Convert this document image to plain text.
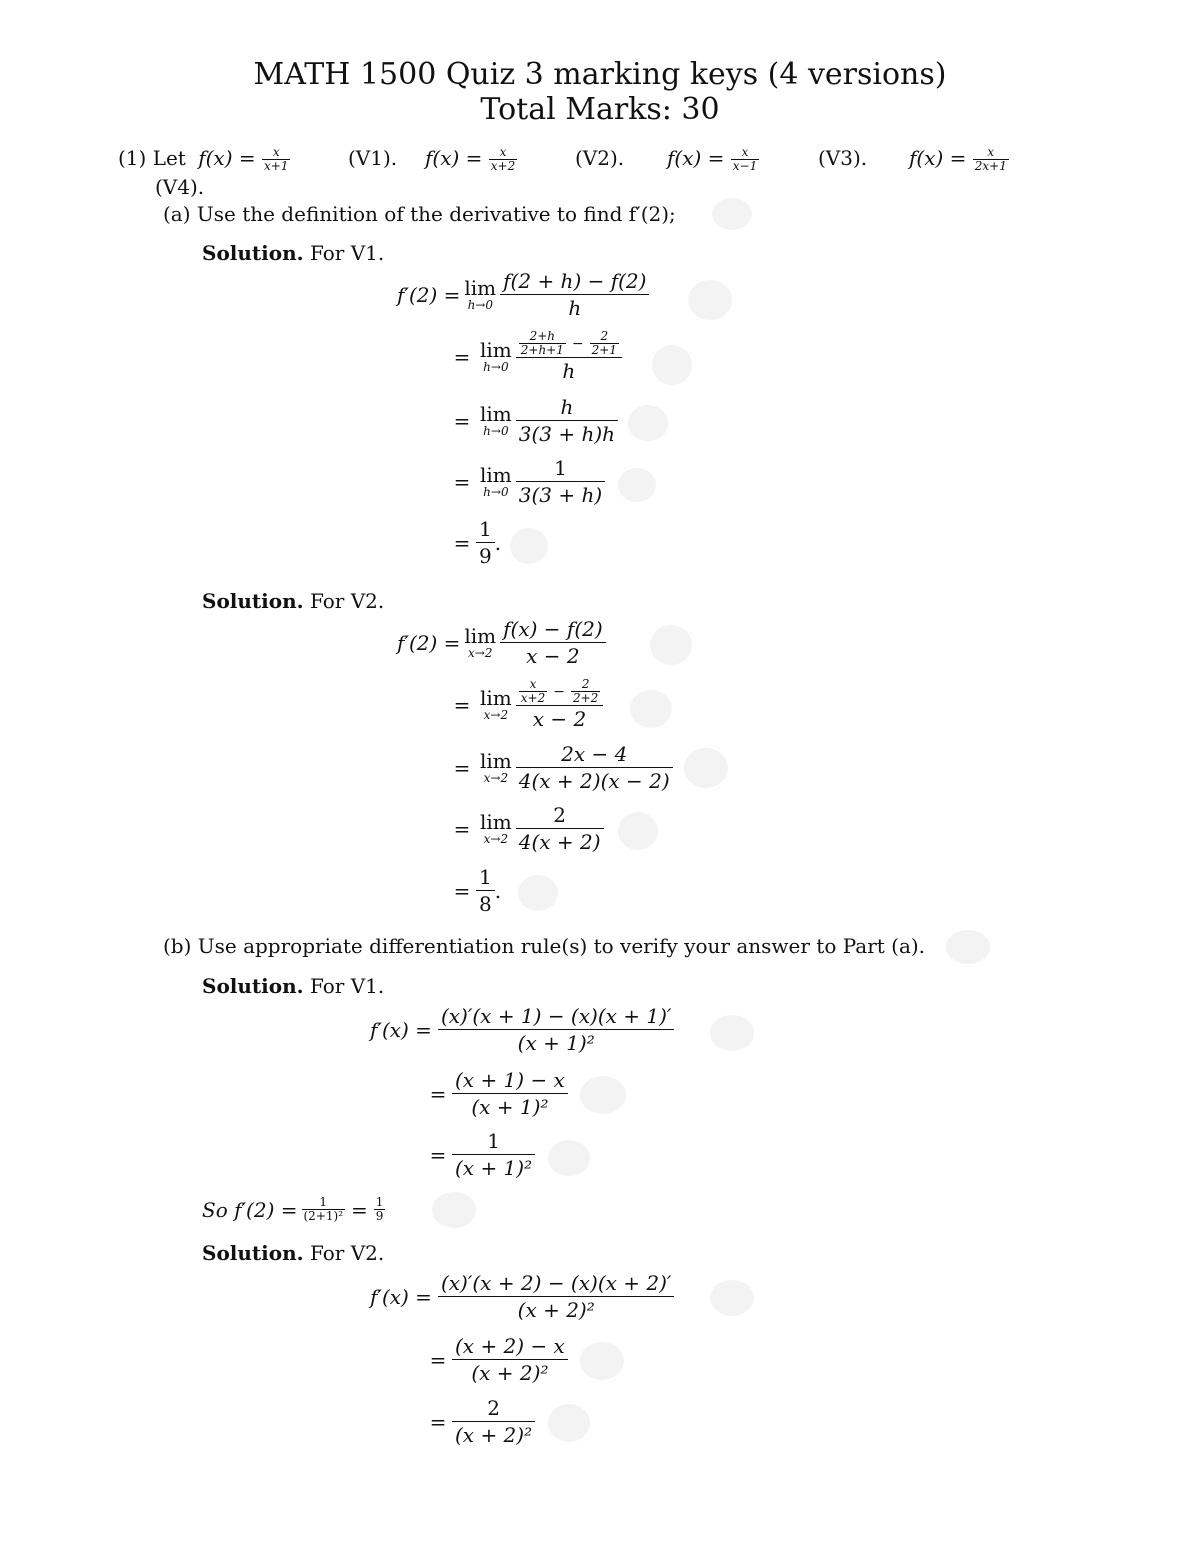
MATH 1500 Quiz 3 marking keys (4 versions)
Total Marks: 30
(1) Let $f(x) = \frac{x}{x+1}$	(V1). $f(x) = \frac{x}{x+2}$	(V2). $f(x) = \frac{x}{x-1}$	(V3). $f(x) = \frac{x}{2x+1}$
(V4).
(a) Use the definition of the derivative to find f′(2);
Solution. For V1.
f′(2) = lim
$h\to 0 \frac{f(2 + h) - f(2)}{h}$
= lim
h→0 2+h
$2+h+1 - \frac{2}{2+1}$
h
= lim
$h\to 0 \frac{h}{3(3 + h)h}$
= lim
$h\to 0 \frac{1}{3(3 + h)}$
= $\frac{1}{9}$ .
Solution. For V2.
f′(2) = lim
$x\to 2 \frac{f(x) - f(2)}{x - 2}$
= lim
x→2 x
$x+2 - \frac{2}{2+2}$
x − 2
= lim
$x\to 2 \frac{2x - 4}{4(x + 2)(x - 2)}$
= lim
$x\to 2 \frac{2}{4(x + 2)}$
= $\frac{1}{8}$ .
(b) Use appropriate differentiation rule(s) to verify your answer to Part (a).
Solution. For V1.
$f'(x) = \frac{(x)'(x + 1) - (x)(x + 1)'}{\text{(x + 1)²}}$
= $\frac{(x + 1) - x}{\text{(x + 1)²}}$
= $\frac{1}{\text{(x + 1)²}}$
So $f'(2) = \frac{1}{\text{(2+1)²}} = \frac{1}{9}$
Solution. For V2.
$f'(x) = \frac{(x)'(x + 2) - (x)(x + 2)'}{\text{(x + 2)²}}$
= $\frac{(x + 2) - x}{\text{(x + 2)²}}$
= $\frac{2}{\text{(x + 2)²}}$
